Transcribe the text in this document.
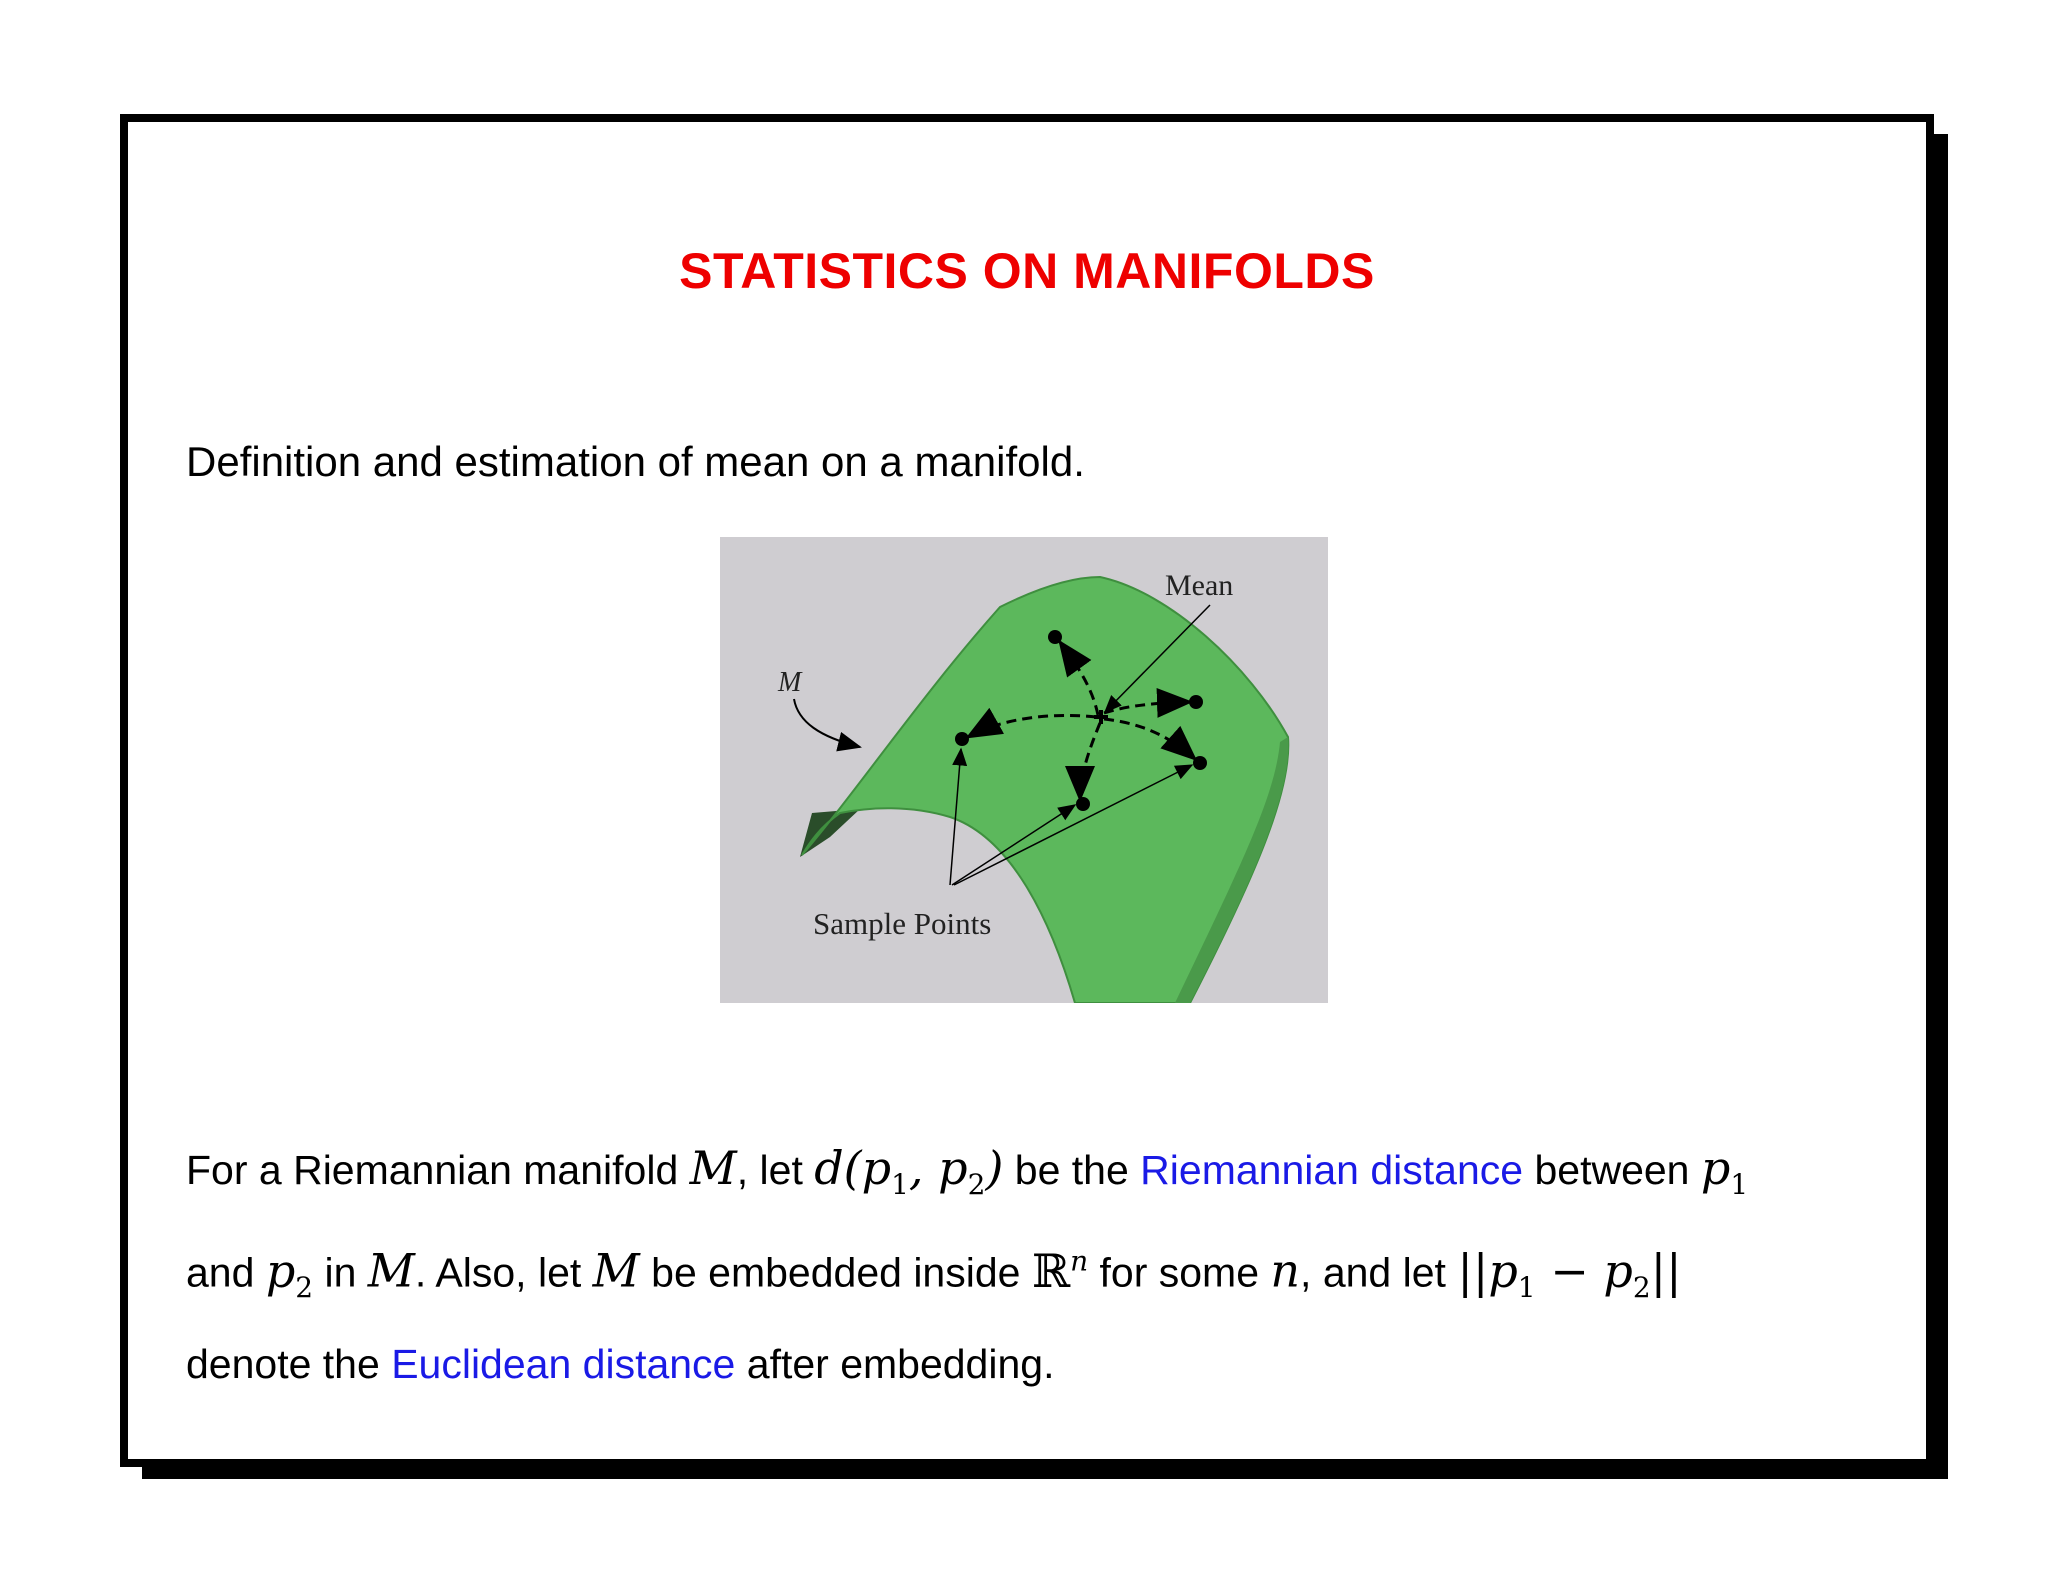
STATISTICS ON MANIFOLDS
Definition and estimation of mean on a manifold.
Mean
M
Sample Points
For a Riemannian manifold M, let $d(p_1$, $p_2$) be the Riemannian distance between $p_1$
and $p_2$ in M. Also, let M be embedded inside ℝ$^n$ for some n, and let $||p_1 - p_2||$
denote the Euclidean distance after embedding.
